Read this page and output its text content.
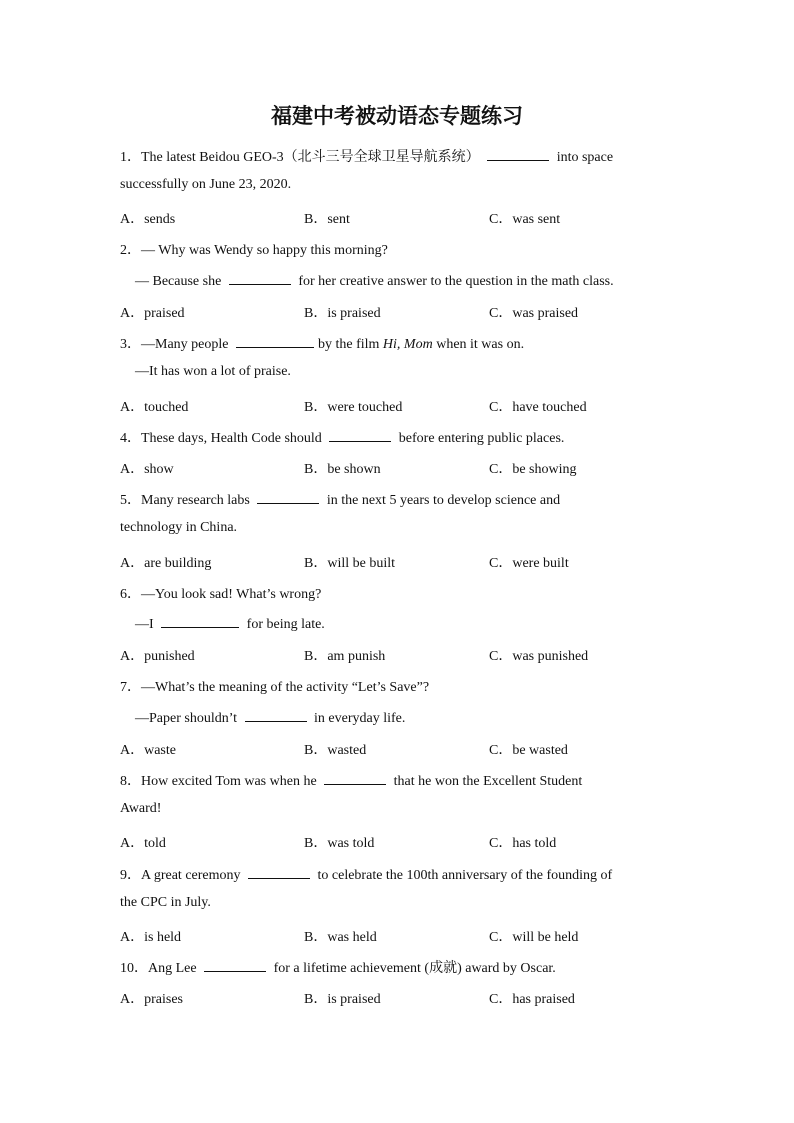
福建中考被动语态专题练习
1．The latest Beidou GEO-3（北斗三号全球卫星导航系统）	into space
successfully on June 23, 2020.
A．sends	B．sent	C．was sent
2．— Why was Wendy so happy this morning?
— Because she	for her creative answer to the question in the math class.
A．praised	B．is praised	C．was praised
3．—Many people	by the film Hi, Mom when it was on.
—It has won a lot of praise.
A．touched	B．were touched	C．have touched
4．These days, Health Code should	before entering public places.
A．show	B．be shown	C．be showing
5．Many research labs	in the next 5 years to develop science and
technology in China.
A．are building	B．will be built	C．were built
6．—You look sad! What’s wrong?
—I	for being late.
A．punished	B．am punish	C．was punished
7．—What’s the meaning of the activity “Let’s Save”?
—Paper shouldn’t	in everyday life.
A．waste	B．wasted	C．be wasted
8．How excited Tom was when he	that he won the Excellent Student
Award!
A．told	B．was told	C．has told
9．A great ceremony	to celebrate the 100th anniversary of the founding of
the CPC in July.
A．is held	B．was held	C．will be held
10．Ang Lee	for a lifetime achievement (成就) award by Oscar.
A．praises	B．is praised	C．has praised
